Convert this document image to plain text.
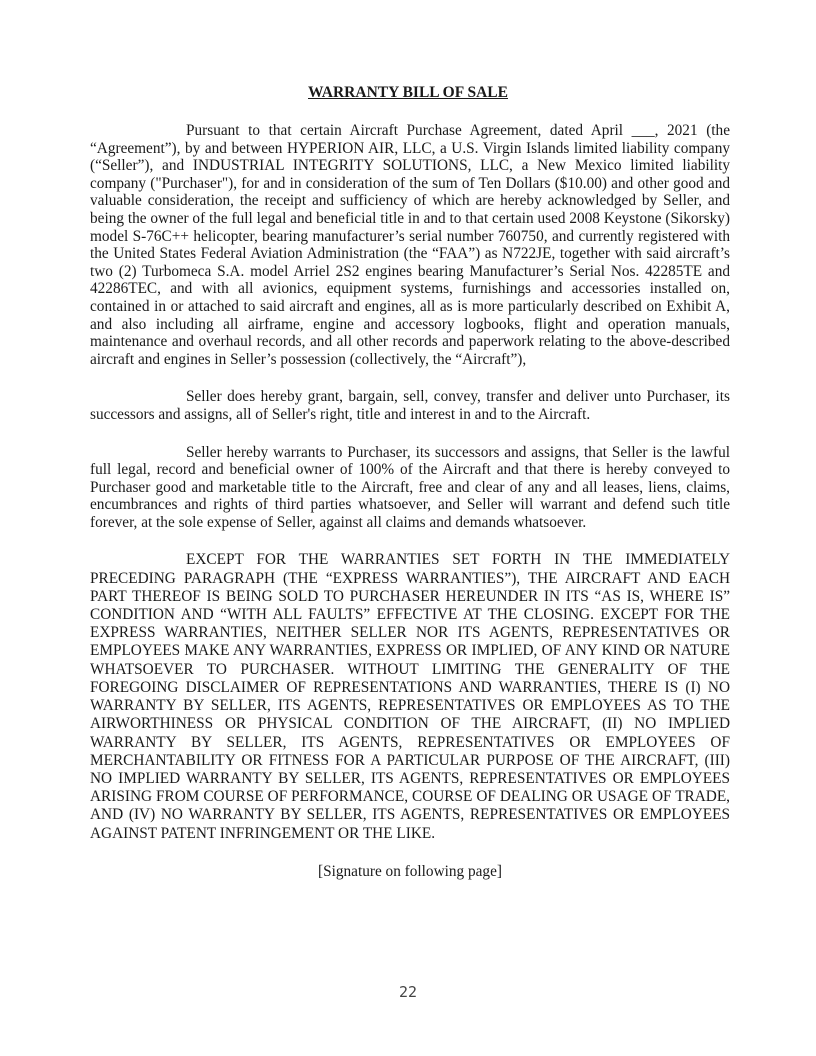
WARRANTY BILL OF SALE

Pursuant to that certain Aircraft Purchase Agreement, dated April ___, 2021 (the “Agreement”), by and between HYPERION AIR, LLC, a U.S. Virgin Islands limited liability company (“Seller”), and INDUSTRIAL INTEGRITY SOLUTIONS, LLC, a New Mexico limited liability company ("Purchaser"), for and in consideration of the sum of Ten Dollars ($10.00) and other good and valuable consideration, the receipt and sufficiency of which are hereby acknowledged by Seller, and being the owner of the full legal and beneficial title in and to that certain used 2008 Keystone (Sikorsky) model S-76C++ helicopter, bearing manufacturer’s serial number 760750, and currently registered with the United States Federal Aviation Administration (the “FAA”) as N722JE, together with said aircraft’s two (2) Turbomeca S.A. model Arriel 2S2 engines bearing Manufacturer’s Serial Nos. 42285TE and 42286TEC, and with all avionics, equipment systems, furnishings and accessories installed on, contained in or attached to said aircraft and engines, all as is more particularly described on Exhibit A, and also including all airframe, engine and accessory logbooks, flight and operation manuals, maintenance and overhaul records, and all other records and paperwork relating to the above-described aircraft and engines in Seller’s possession (collectively, the “Aircraft”),

Seller does hereby grant, bargain, sell, convey, transfer and deliver unto Purchaser, its successors and assigns, all of Seller's right, title and interest in and to the Aircraft.

Seller hereby warrants to Purchaser, its successors and assigns, that Seller is the lawful full legal, record and beneficial owner of 100% of the Aircraft and that there is hereby conveyed to Purchaser good and marketable title to the Aircraft, free and clear of any and all leases, liens, claims, encumbrances and rights of third parties whatsoever, and Seller will warrant and defend such title forever, at the sole expense of Seller, against all claims and demands whatsoever.

EXCEPT FOR THE WARRANTIES SET FORTH IN THE IMMEDIATELY PRECEDING PARAGRAPH (THE “EXPRESS WARRANTIES”), THE AIRCRAFT AND EACH PART THEREOF IS BEING SOLD TO PURCHASER HEREUNDER IN ITS “AS IS, WHERE IS” CONDITION AND “WITH ALL FAULTS” EFFECTIVE AT THE CLOSING. EXCEPT FOR THE EXPRESS WARRANTIES, NEITHER SELLER NOR ITS AGENTS, REPRESENTATIVES OR EMPLOYEES MAKE ANY WARRANTIES, EXPRESS OR IMPLIED, OF ANY KIND OR NATURE WHATSOEVER TO PURCHASER. WITHOUT LIMITING THE GENERALITY OF THE FOREGOING DISCLAIMER OF REPRESENTATIONS AND WARRANTIES, THERE IS (I) NO WARRANTY BY SELLER, ITS AGENTS, REPRESENTATIVES OR EMPLOYEES AS TO THE AIRWORTHINESS OR PHYSICAL CONDITION OF THE AIRCRAFT, (II) NO IMPLIED WARRANTY BY SELLER, ITS AGENTS, REPRESENTATIVES OR EMPLOYEES OF MERCHANTABILITY OR FITNESS FOR A PARTICULAR PURPOSE OF THE AIRCRAFT, (III) NO IMPLIED WARRANTY BY SELLER, ITS AGENTS, REPRESENTATIVES OR EMPLOYEES ARISING FROM COURSE OF PERFORMANCE, COURSE OF DEALING OR USAGE OF TRADE, AND (IV) NO WARRANTY BY SELLER, ITS AGENTS, REPRESENTATIVES OR EMPLOYEES AGAINST PATENT INFRINGEMENT OR THE LIKE.

[Signature on following page]
22
